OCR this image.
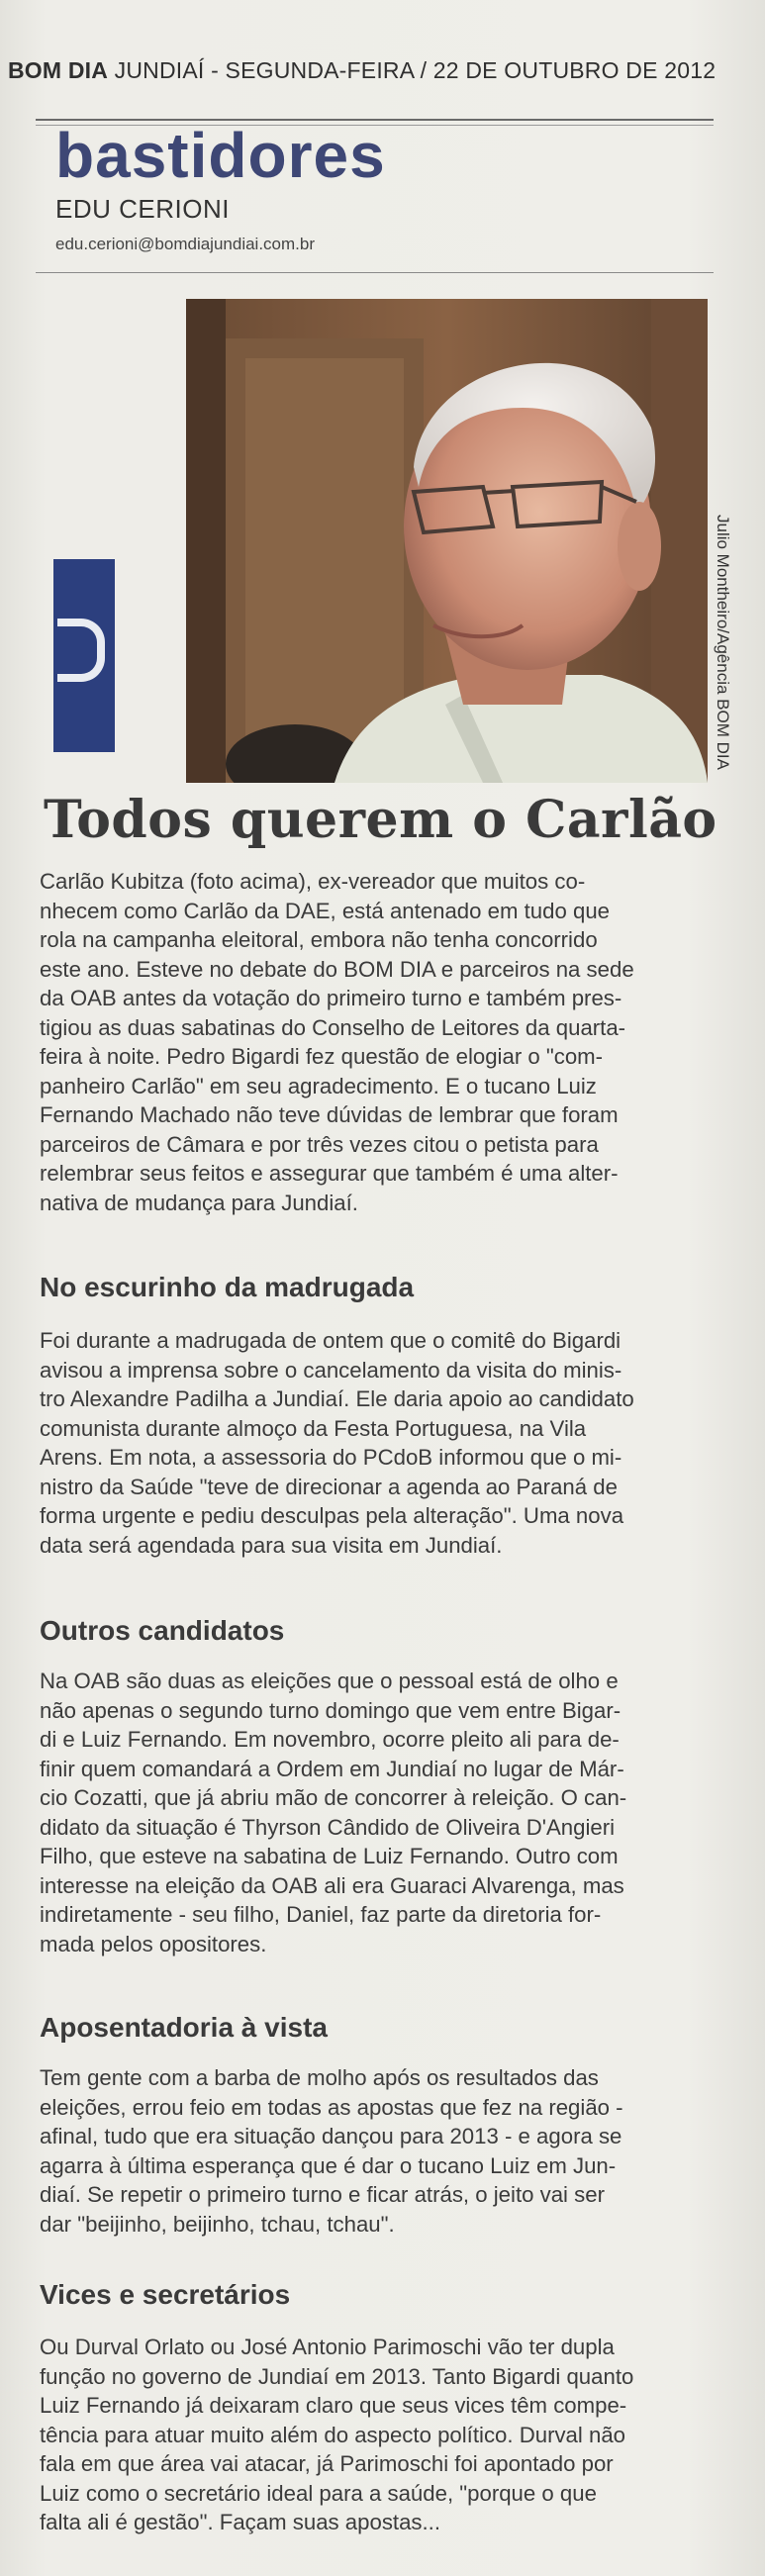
BOM DIA JUNDIAÍ - SEGUNDA-FEIRA / 22 DE OUTUBRO DE 2012
bastidores
EDU CERIONI
edu.cerioni@bomdiajundiai.com.br
Julio Montheiro/Agência BOM DIA
Todos querem o Carlão
Carlão Kubitza (foto acima), ex-vereador que muitos co-
nhecem como Carlão da DAE, está antenado em tudo que
rola na campanha eleitoral, embora não tenha concorrido
este ano. Esteve no debate do BOM DIA e parceiros na sede
da OAB antes da votação do primeiro turno e também pres-
tigiou as duas sabatinas do Conselho de Leitores da quarta-
feira à noite. Pedro Bigardi fez questão de elogiar o "com-
panheiro Carlão" em seu agradecimento. E o tucano Luiz
Fernando Machado não teve dúvidas de lembrar que foram
parceiros de Câmara e por três vezes citou o petista para
relembrar seus feitos e assegurar que também é uma alter-
nativa de mudança para Jundiaí.
No escurinho da madrugada
Foi durante a madrugada de ontem que o comitê do Bigardi
avisou a imprensa sobre o cancelamento da visita do minis-
tro Alexandre Padilha a Jundiaí. Ele daria apoio ao candidato
comunista durante almoço da Festa Portuguesa, na Vila
Arens. Em nota, a assessoria do PCdoB informou que o mi-
nistro da Saúde "teve de direcionar a agenda ao Paraná de
forma urgente e pediu desculpas pela alteração". Uma nova
data será agendada para sua visita em Jundiaí.
Outros candidatos
Na OAB são duas as eleições que o pessoal está de olho e
não apenas o segundo turno domingo que vem entre Bigar-
di e Luiz Fernando. Em novembro, ocorre pleito ali para de-
finir quem comandará a Ordem em Jundiaí no lugar de Már-
cio Cozatti, que já abriu mão de concorrer à releição. O can-
didato da situação é Thyrson Cândido de Oliveira D'Angieri
Filho, que esteve na sabatina de Luiz Fernando. Outro com
interesse na eleição da OAB ali era Guaraci Alvarenga, mas
indiretamente - seu filho, Daniel, faz parte da diretoria for-
mada pelos opositores.
Aposentadoria à vista
Tem gente com a barba de molho após os resultados das
eleições, errou feio em todas as apostas que fez na região -
afinal, tudo que era situação dançou para 2013 - e agora se
agarra à última esperança que é dar o tucano Luiz em Jun-
diaí. Se repetir o primeiro turno e ficar atrás, o jeito vai ser
dar "beijinho, beijinho, tchau, tchau".
Vices e secretários
Ou Durval Orlato ou José Antonio Parimoschi vão ter dupla
função no governo de Jundiaí em 2013. Tanto Bigardi quanto
Luiz Fernando já deixaram claro que seus vices têm compe-
tência para atuar muito além do aspecto político. Durval não
fala em que área vai atacar, já Parimoschi foi apontado por
Luiz como o secretário ideal para a saúde, "porque o que
falta ali é gestão". Façam suas apostas...
